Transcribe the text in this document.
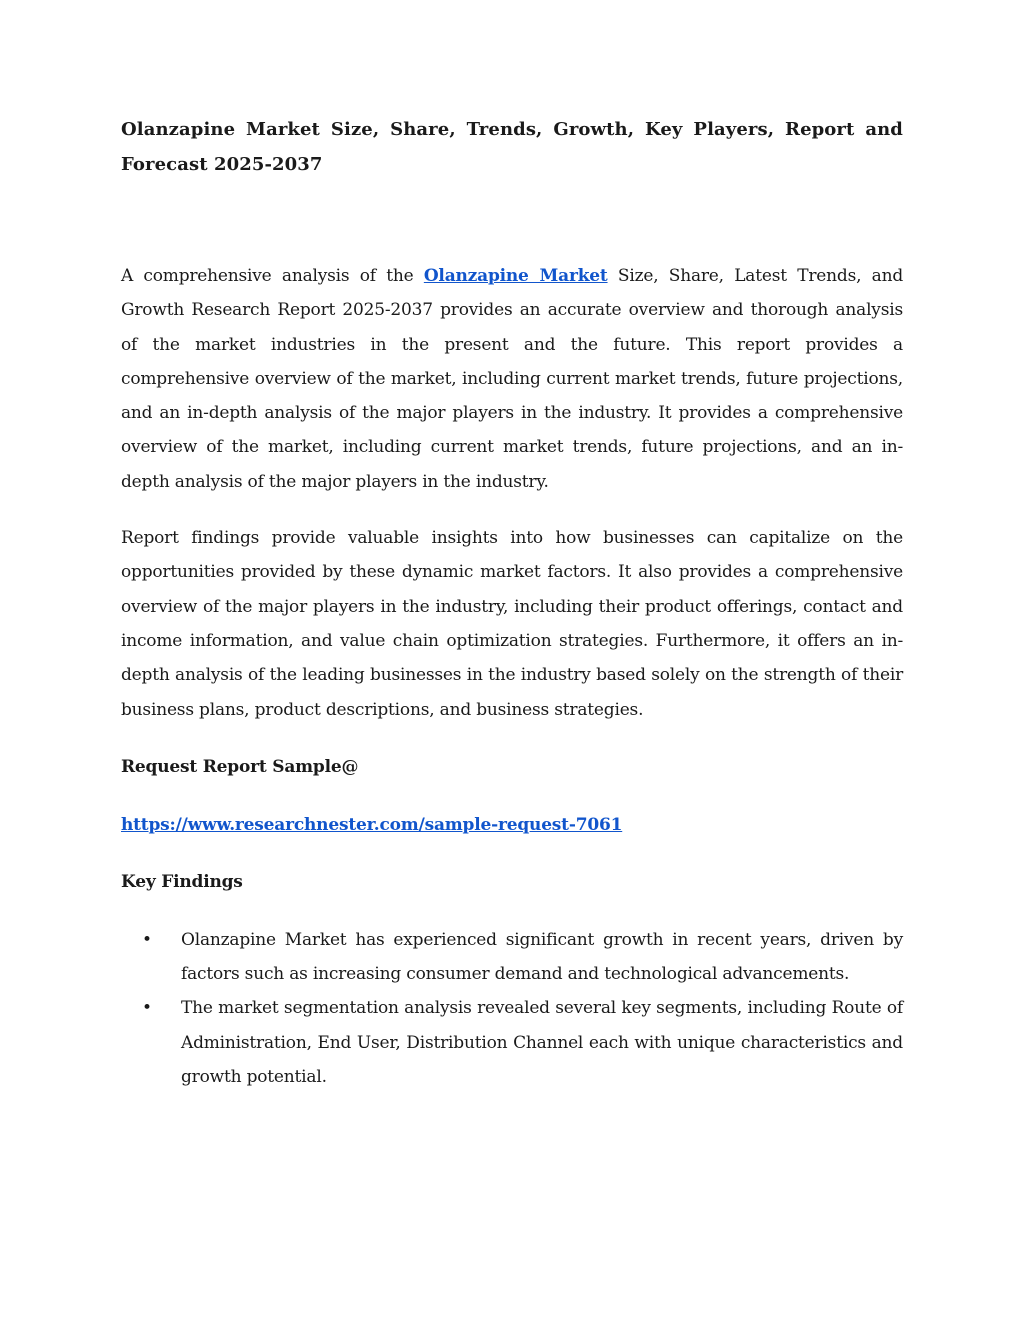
Olanzapine Market Size, Share, Trends, Growth, Key Players, Report and Forecast 2025-2037

A comprehensive analysis of the Olanzapine Market Size, Share, Latest Trends, and Growth Research Report 2025-2037 provides an accurate overview and thorough analysis of the market industries in the present and the future. This report provides a comprehensive overview of the market, including current market trends, future projections, and an in-depth analysis of the major players in the industry. It provides a comprehensive overview of the market, including current market trends, future projections, and an in-depth analysis of the major players in the industry.

Report findings provide valuable insights into how businesses can capitalize on the opportunities provided by these dynamic market factors. It also provides a comprehensive overview of the major players in the industry, including their product offerings, contact and income information, and value chain optimization strategies. Furthermore, it offers an in-depth analysis of the leading businesses in the industry based solely on the strength of their business plans, product descriptions, and business strategies.

Request Report Sample@
https://www.researchnester.com/sample-request-7061
Key Findings
• Olanzapine Market has experienced significant growth in recent years, driven by factors such as increasing consumer demand and technological advancements.
• The market segmentation analysis revealed several key segments, including Route of Administration, End User, Distribution Channel each with unique characteristics and growth potential.
